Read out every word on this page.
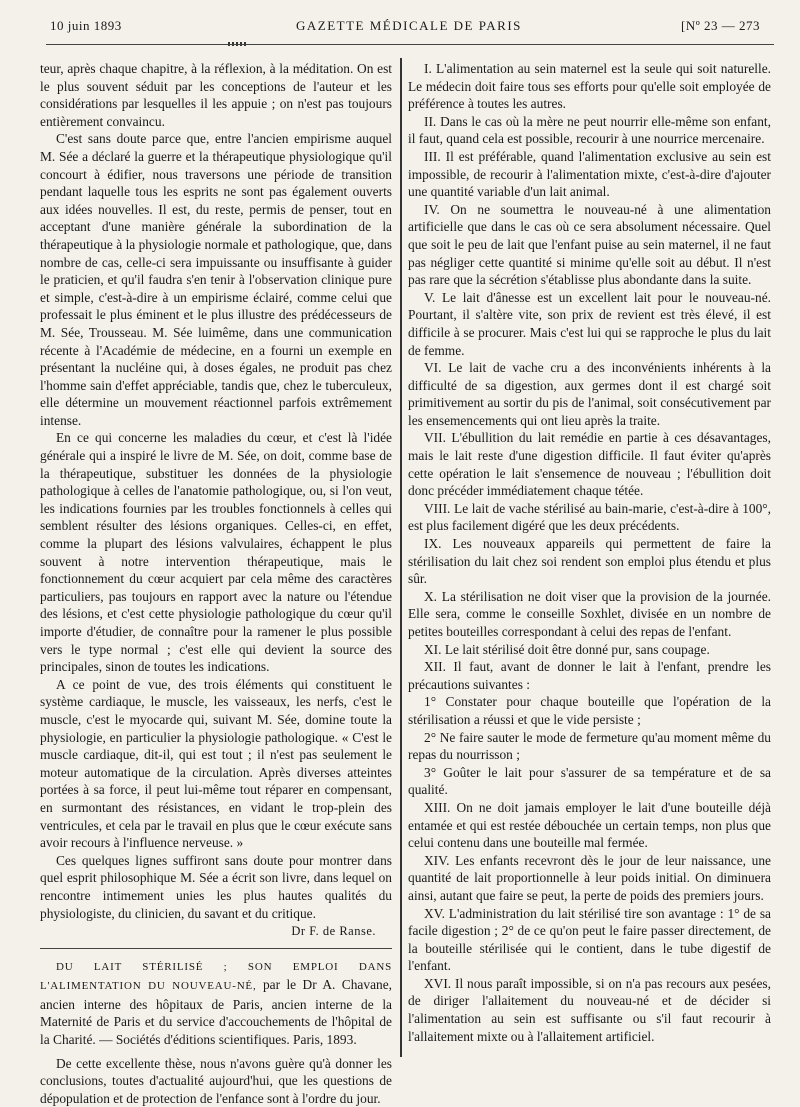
10 juin 1893	GAZETTE MÉDICALE DE PARIS	[Nº 23 — 273

teur, après chaque chapitre, à la réflexion, à la méditation. On est le plus souvent séduit par les conceptions de l'auteur et les considérations par lesquelles il les appuie ; on n'est pas toujours entièrement convaincu.

C'est sans doute parce que, entre l'ancien empirisme auquel M. Sée a déclaré la guerre et la thérapeutique physiologique qu'il concourt à édifier, nous traversons une période de transition pendant laquelle tous les esprits ne sont pas également ouverts aux idées nouvelles. Il est, du reste, permis de penser, tout en acceptant d'une manière générale la subordination de la thérapeutique à la physiologie normale et pathologique, que, dans nombre de cas, celle-ci sera impuissante ou insuffisante à guider le praticien, et qu'il faudra s'en tenir à l'observation clinique pure et simple, c'est-à-dire à un empirisme éclairé, comme celui que professait le plus éminent et le plus illustre des prédécesseurs de M. Sée, Trousseau. M. Sée luimême, dans une communication récente à l'Académie de médecine, en a fourni un exemple en présentant la nucléine qui, à doses égales, ne produit pas chez l'homme sain d'effet appréciable, tandis que, chez le tuberculeux, elle détermine un mouvement réactionnel parfois extrêmement intense.

En ce qui concerne les maladies du cœur, et c'est là l'idée générale qui a inspiré le livre de M. Sée, on doit, comme base de la thérapeutique, substituer les données de la physiologie pathologique à celles de l'anatomie pathologique, ou, si l'on veut, les indications fournies par les troubles fonctionnels à celles qui semblent résulter des lésions organiques. Celles-ci, en effet, comme la plupart des lésions valvulaires, échappent le plus souvent à notre intervention thérapeutique, mais le fonctionnement du cœur acquiert par cela même des caractères particuliers, pas toujours en rapport avec la nature ou l'étendue des lésions, et c'est cette physiologie pathologique du cœur qu'il importe d'étudier, de connaître pour la ramener le plus possible vers le type normal ; c'est elle qui devient la source des principales, sinon de toutes les indications.

A ce point de vue, des trois éléments qui constituent le système cardiaque, le muscle, les vaisseaux, les nerfs, c'est le muscle, c'est le myocarde qui, suivant M. Sée, domine toute la physiologie, en particulier la physiologie pathologique. « C'est le muscle cardiaque, dit-il, qui est tout ; il n'est pas seulement le moteur automatique de la circulation. Après diverses atteintes portées à sa force, il peut lui-même tout réparer en compensant, en surmontant des résistances, en vidant le trop-plein des ventricules, et cela par le travail en plus que le cœur exécute sans avoir recours à l'influence nerveuse. »

Ces quelques lignes suffiront sans doute pour montrer dans quel esprit philosophique M. Sée a écrit son livre, dans lequel on rencontre intimement unies les plus hautes qualités du physiologiste, du clinicien, du savant et du critique.

Dr F. de Ranse.

DU LAIT STÉRILISÉ ; SON EMPLOI DANS L'ALIMENTATION DU NOUVEAU-NÉ, par le Dr A. Chavane, ancien interne des hôpitaux de Paris, ancien interne de la Maternité de Paris et du service d'accouchements de l'hôpital de la Charité. — Sociétés d'éditions scientifiques. Paris, 1893.

De cette excellente thèse, nous n'avons guère qu'à donner les conclusions, toutes d'actualité aujourd'hui, que les questions de dépopulation et de protection de l'enfance sont à l'ordre du jour.

I. L'alimentation au sein maternel est la seule qui soit naturelle. Le médecin doit faire tous ses efforts pour qu'elle soit employée de préférence à toutes les autres.

II. Dans le cas où la mère ne peut nourrir elle-même son enfant, il faut, quand cela est possible, recourir à une nourrice mercenaire.

III. Il est préférable, quand l'alimentation exclusive au sein est impossible, de recourir à l'alimentation mixte, c'est-à-dire d'ajouter une quantité variable d'un lait animal.

IV. On ne soumettra le nouveau-né à une alimentation artificielle que dans le cas où ce sera absolument nécessaire. Quel que soit le peu de lait que l'enfant puise au sein maternel, il ne faut pas négliger cette quantité si minime qu'elle soit au début. Il n'est pas rare que la sécrétion s'établisse plus abondante dans la suite.

V. Le lait d'ânesse est un excellent lait pour le nouveau-né. Pourtant, il s'altère vite, son prix de revient est très élevé, il est difficile à se procurer. Mais c'est lui qui se rapproche le plus du lait de femme.

VI. Le lait de vache cru a des inconvénients inhérents à la difficulté de sa digestion, aux germes dont il est chargé soit primitivement au sortir du pis de l'animal, soit consécutivement par les ensemencements qui ont lieu après la traite.

VII. L'ébullition du lait remédie en partie à ces désavantages, mais le lait reste d'une digestion difficile. Il faut éviter qu'après cette opération le lait s'ensemence de nouveau ; l'ébullition doit donc précéder immédiatement chaque tétée.

VIII. Le lait de vache stérilisé au bain-marie, c'est-à-dire à 100°, est plus facilement digéré que les deux précédents.

IX. Les nouveaux appareils qui permettent de faire la stérilisation du lait chez soi rendent son emploi plus étendu et plus sûr.

X. La stérilisation ne doit viser que la provision de la journée. Elle sera, comme le conseille Soxhlet, divisée en un nombre de petites bouteilles correspondant à celui des repas de l'enfant.

XI. Le lait stérilisé doit être donné pur, sans coupage.

XII. Il faut, avant de donner le lait à l'enfant, prendre les précautions suivantes :

1° Constater pour chaque bouteille que l'opération de la stérilisation a réussi et que le vide persiste ;

2° Ne faire sauter le mode de fermeture qu'au moment même du repas du nourrisson ;

3° Goûter le lait pour s'assurer de sa température et de sa qualité.

XIII. On ne doit jamais employer le lait d'une bouteille déjà entamée et qui est restée débouchée un certain temps, non plus que celui contenu dans une bouteille mal fermée.

XIV. Les enfants recevront dès le jour de leur naissance, une quantité de lait proportionnelle à leur poids initial. On diminuera ainsi, autant que faire se peut, la perte de poids des premiers jours.

XV. L'administration du lait stérilisé tire son avantage : 1° de sa facile digestion ; 2° de ce qu'on peut le faire passer directement, de la bouteille stérilisée qui le contient, dans le tube digestif de l'enfant.

XVI. Il nous paraît impossible, si on n'a pas recours aux pesées, de diriger l'allaitement du nouveau-né et de décider si l'alimentation au sein est suffisante ou s'il faut recourir à l'allaitement mixte ou à l'allaitement artificiel.
